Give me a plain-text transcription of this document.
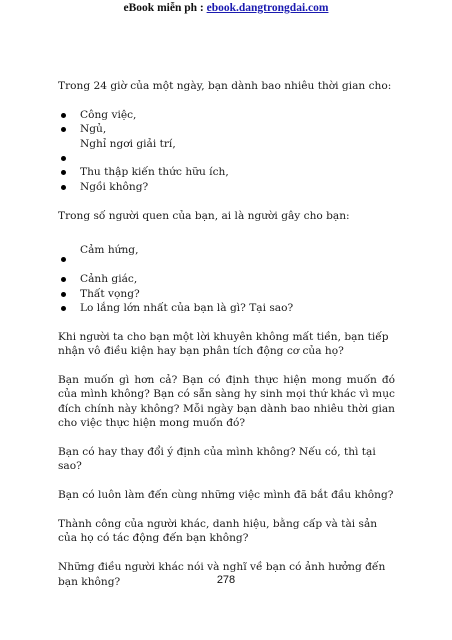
eBook miễn ph : ebook.dangtrongdai.com

Trong 24 giờ của một ngày, bạn dành bao nhiêu thời gian cho:

Công việc,
Ngủ,
Nghỉ ngơi giải trí,

Thu thập kiến thức hữu ích,
Ngồi không?

Trong số người quen của bạn, ai là người gây cho bạn:

Cảm hứng,

Cảnh giác,
Thất vọng?
Lo lắng lớn nhất của bạn là gì? Tại sao?

Khi người ta cho bạn một lời khuyên không mất tiền, bạn tiếp nhận vô điều kiện hay bạn phân tích động cơ của họ?

Bạn muốn gì hơn cả? Bạn có định thực hiện mong muốn đó của mình không? Bạn có sẵn sàng hy sinh mọi thứ khác vì mục đích chính này không? Mỗi ngày bạn dành bao nhiêu thời gian cho việc thực hiện mong muốn đó?

Bạn có hay thay đổi ý định của mình không? Nếu có, thì tại sao?

Bạn có luôn làm đến cùng những việc mình đã bắt đầu không?

Thành công của người khác, danh hiệu, bằng cấp và tài sản của họ có tác động đến bạn không?

Những điều người khác nói và nghĩ về bạn có ảnh hưởng đến bạn không?	278
